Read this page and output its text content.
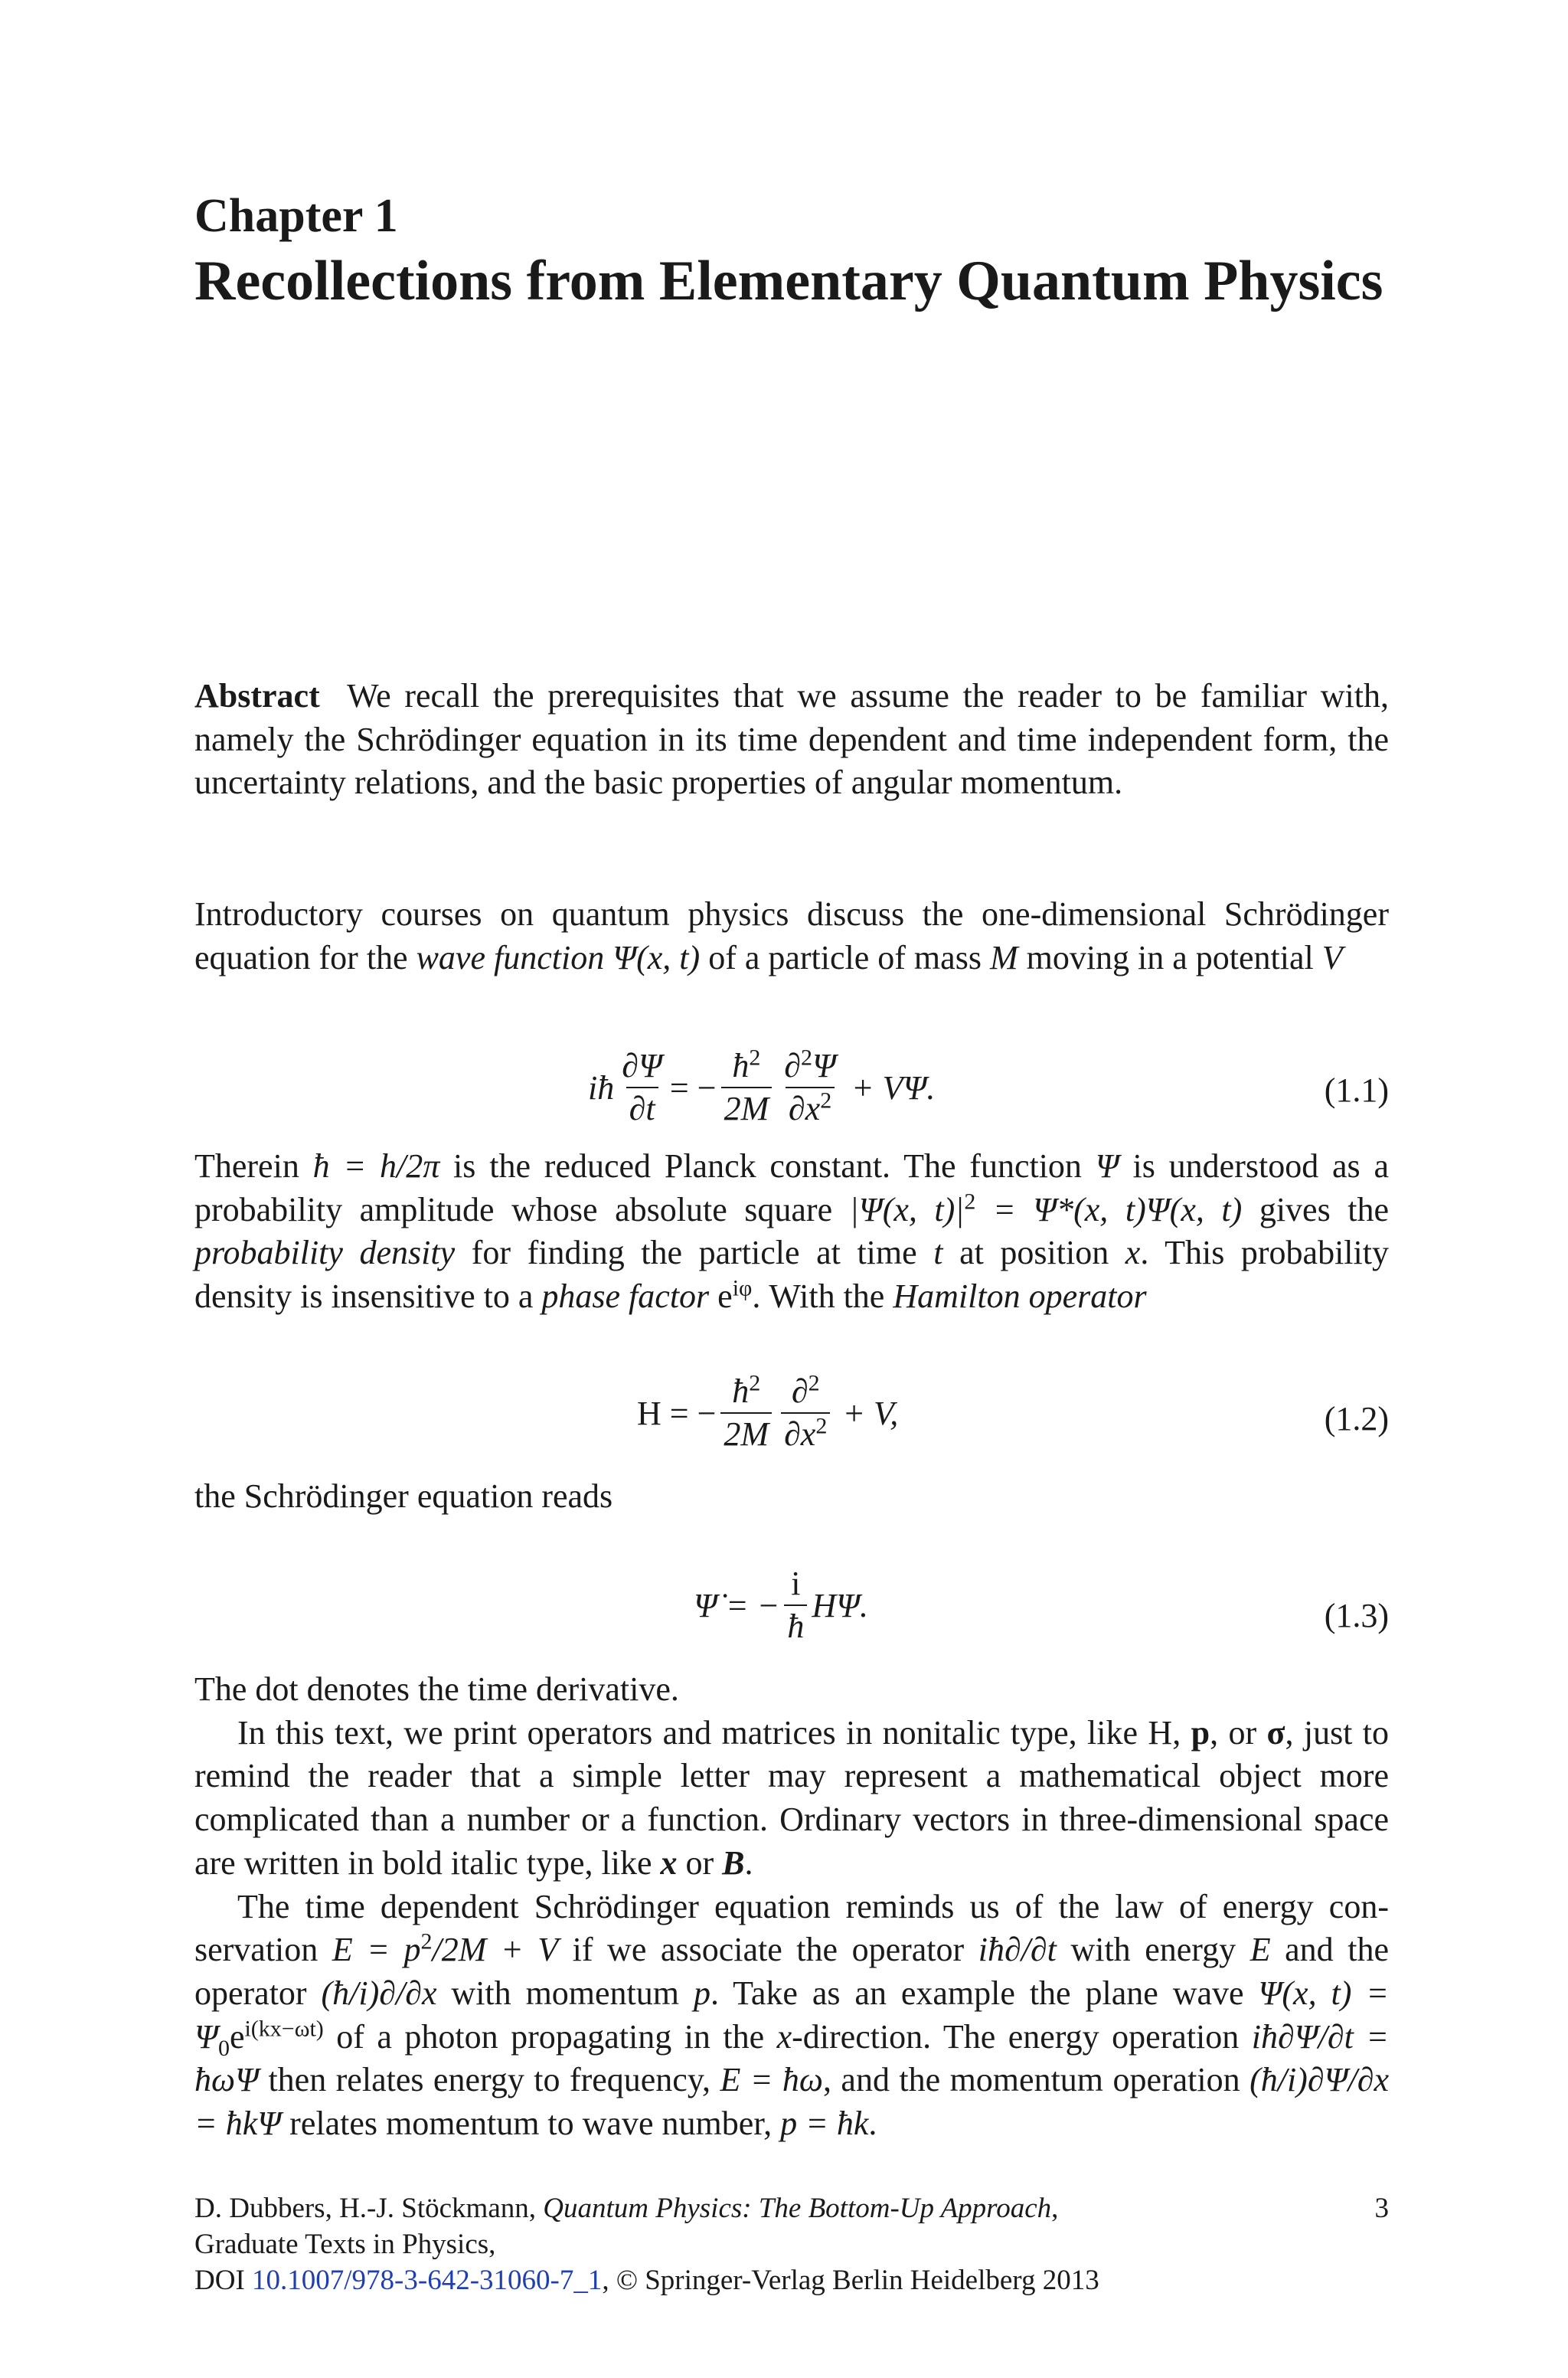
Chapter 1
Recollections from Elementary Quantum Physics
Abstract We recall the prerequisites that we assume the reader to be familiar with, namely the Schrödinger equation in its time dependent and time independent form, the uncertainty relations, and the basic properties of angular momentum.
Introductory courses on quantum physics discuss the one-dimensional Schrödinger equation for the wave function Ψ(x, t) of a particle of mass M moving in a potential V
iħ $\frac{\partial\Psi}{\partial t}$ = − $\frac{ħ^2}{2M} \frac{\partial^2\Psi}{\partial x^2} + V\Psi$.	(1.1)
Therein ħ = h/2π is the reduced Planck constant. The function Ψ is understood as a probability amplitude whose absolute square |Ψ(x, $t)|^2 = \Psi*(x$, t)Ψ(x, t) gives the probability density for finding the particle at time t at position x. This probability density is insensitive to a phase factor $e^{i\varphi}$. With the Hamilton operator
H = − $\frac{ħ^2}{2M} \frac{\partial^2}{\partial x^2} + V$,	(1.2)
the Schrödinger equation reads
Ψ̇ = − $\frac{i}{ħ} H\Psi$.	(1.3)
The dot denotes the time derivative.
In this text, we print operators and matrices in nonitalic type, like H, p, or σ, just to remind the reader that a simple letter may represent a mathematical object more complicated than a number or a function. Ordinary vectors in three-dimensional space are written in bold italic type, like x or B.
The time dependent Schrödinger equation reminds us of the law of energy conservation $E = p^2/2M + V$ if we associate the operator iħ∂/∂t with energy E and the operator (ħ/i)∂/∂x with momentum p. Take as an example the plane wave Ψ(x, $t) = \Psi_0e^{i(kx-\omega t)}$ of a photon propagating in the x-direction. The energy operation iħ∂Ψ/∂t = ħωΨ then relates energy to frequency, E = ħω, and the momentum operation (ħ/i)∂Ψ/∂x = ħkΨ relates momentum to wave number, p = ħk.
D. Dubbers, H.-J. Stöckmann, Quantum Physics: The Bottom-Up Approach,
Graduate Texts in Physics,
DOI 10.1007/978-3-642-31060-7_1, © Springer-Verlag Berlin Heidelberg 2013
3
